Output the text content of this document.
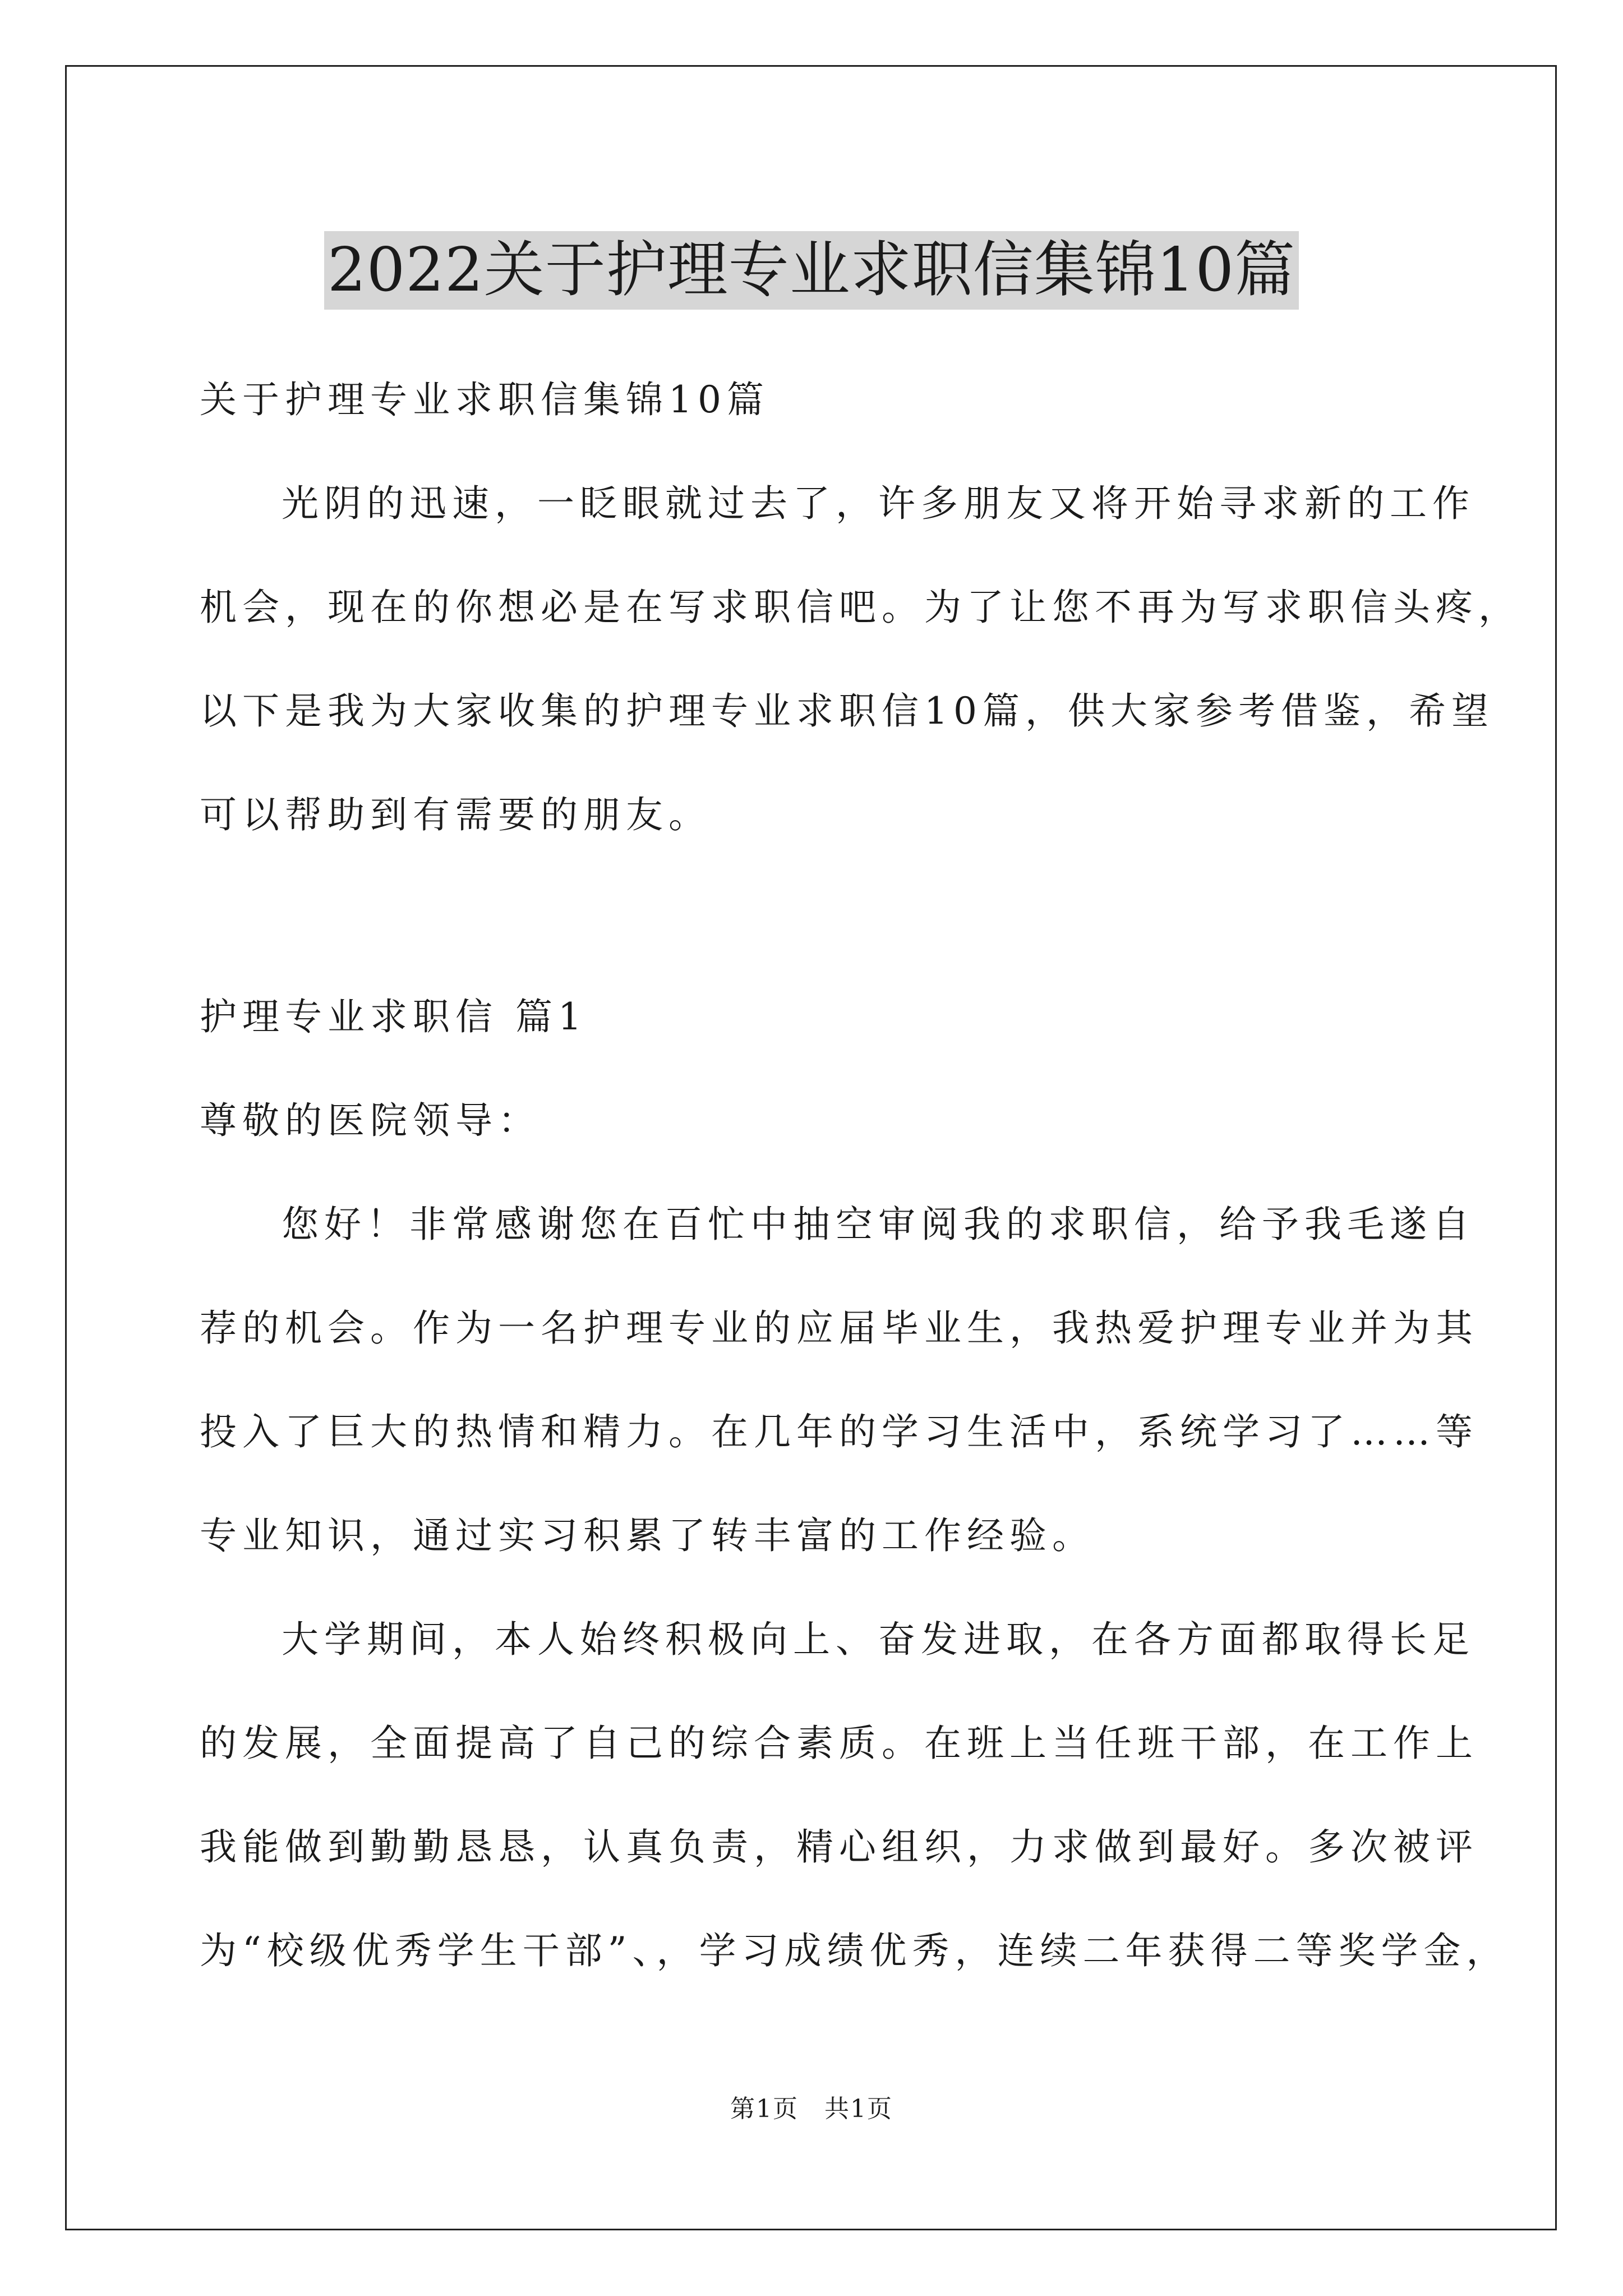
2022关于护理专业求职信集锦10篇
关于护理专业求职信集锦10篇
光阴的迅速，一眨眼就过去了，许多朋友又将开始寻求新的工作
机会，现在的你想必是在写求职信吧。为了让您不再为写求职信头疼，
以下是我为大家收集的护理专业求职信10篇，供大家参考借鉴，希望
可以帮助到有需要的朋友。
护理专业求职信 篇1
尊敬的医院领导：
您好！非常感谢您在百忙中抽空审阅我的求职信，给予我毛遂自
荐的机会。作为一名护理专业的应届毕业生，我热爱护理专业并为其
投入了巨大的热情和精力。在几年的学习生活中，系统学习了……等
专业知识，通过实习积累了转丰富的工作经验。
大学期间，本人始终积极向上、奋发进取，在各方面都取得长足
的发展，全面提高了自己的综合素质。在班上当任班干部，在工作上
我能做到勤勤恳恳，认真负责，精心组织，力求做到最好。多次被评
为“校级优秀学生干部”、，学习成绩优秀，连续二年获得二等奖学金，
第1页　共1页
